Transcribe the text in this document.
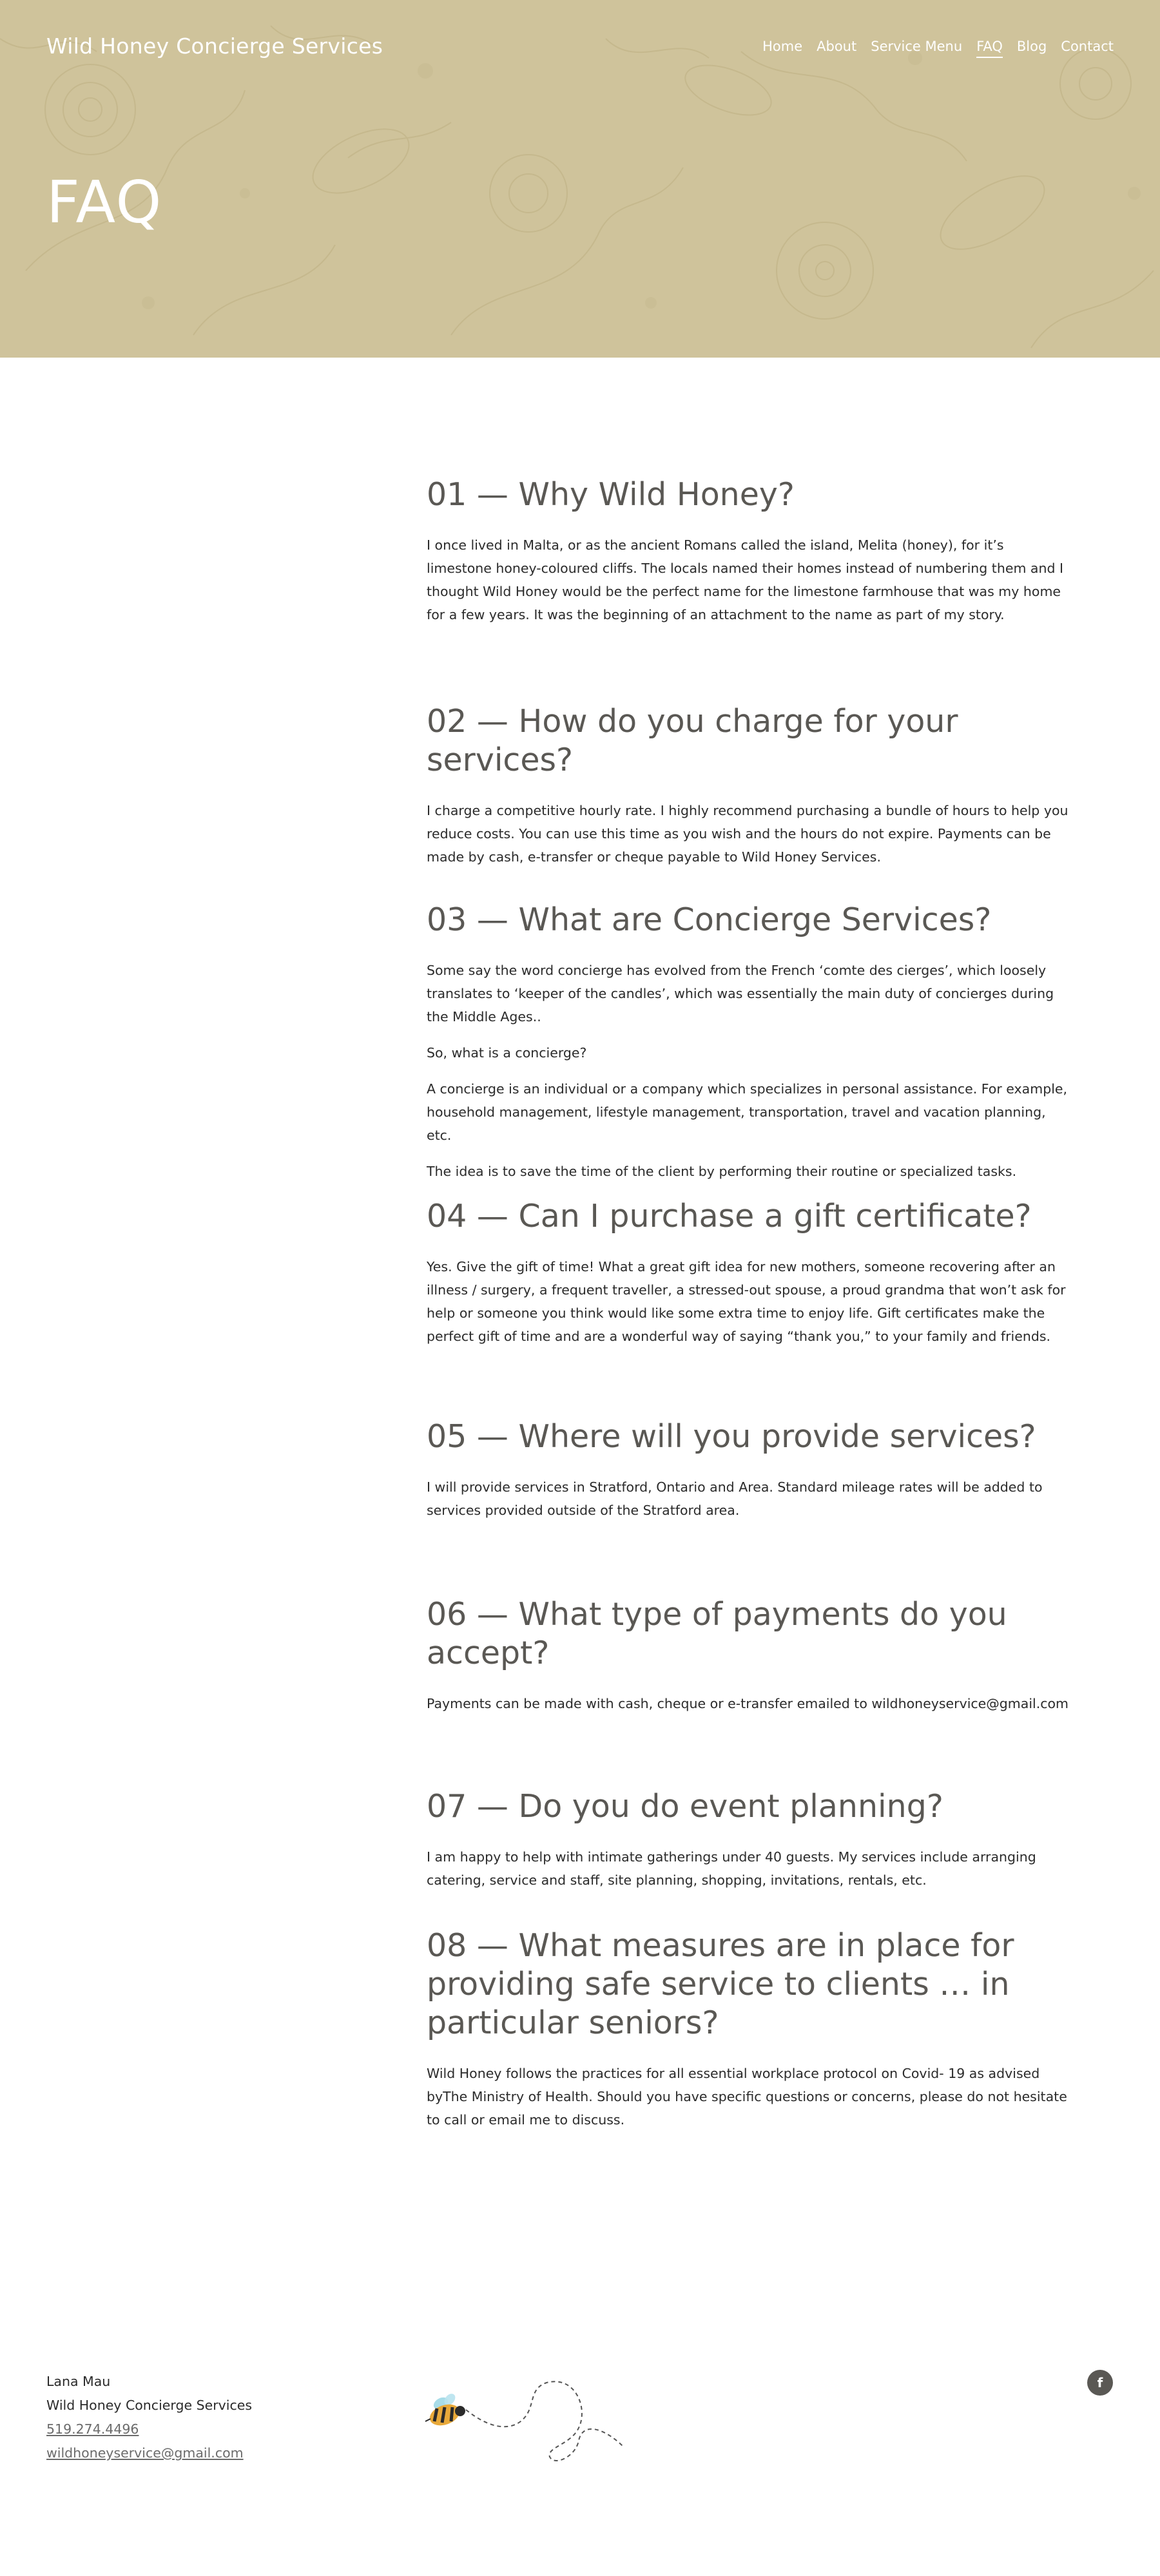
Wild Honey Concierge Services	Home About Service Menu FAQ Blog Contact
FAQ
01 — Why Wild Honey?

I once lived in Malta, or as the ancient Romans called the island, Melita (honey), for it’s limestone honey-coloured cliffs. The locals named their homes instead of numbering them and I thought Wild Honey would be the perfect name for the limestone farmhouse that was my home for a few years. It was the beginning of an attachment to the name as part of my story.

02 — How do you charge for your services?

I charge a competitive hourly rate. I highly recommend purchasing a bundle of hours to help you reduce costs. You can use this time as you wish and the hours do not expire. Payments can be made by cash, e-transfer or cheque payable to Wild Honey Services.

03 — What are Concierge Services?

Some say the word concierge has evolved from the French ‘comte des cierges’, which loosely translates to ‘keeper of the candles’, which was essentially the main duty of concierges during the Middle Ages..

So, what is a concierge?

A concierge is an individual or a company which specializes in personal assistance. For example, household management, lifestyle management, transportation, travel and vacation planning, etc.

The idea is to save the time of the client by performing their routine or specialized tasks.

04 — Can I purchase a gift certificate?

Yes. Give the gift of time! What a great gift idea for new mothers, someone recovering after an illness / surgery, a frequent traveller, a stressed-out spouse, a proud grandma that won’t ask for help or someone you think would like some extra time to enjoy life. Gift certificates make the perfect gift of time and are a wonderful way of saying “thank you,” to your family and friends.

05 — Where will you provide services?

I will provide services in Stratford, Ontario and Area. Standard mileage rates will be added to services provided outside of the Stratford area.

06 — What type of payments do you accept?

Payments can be made with cash, cheque or e-transfer emailed to wildhoneyservice@gmail.com

07 — Do you do event planning?

I am happy to help with intimate gatherings under 40 guests. My services include arranging catering, service and staff, site planning, shopping, invitations, rentals, etc.

08 — What measures are in place for providing safe service to clients … in particular seniors?

Wild Honey follows the practices for all essential workplace protocol on Covid- 19 as advised byThe Ministry of Health. Should you have specific questions or concerns, please do not hesitate to call or email me to discuss.

Lana Mau
Wild Honey Concierge Services
519.274.4496
wildhoneyservice@gmail.com
f
